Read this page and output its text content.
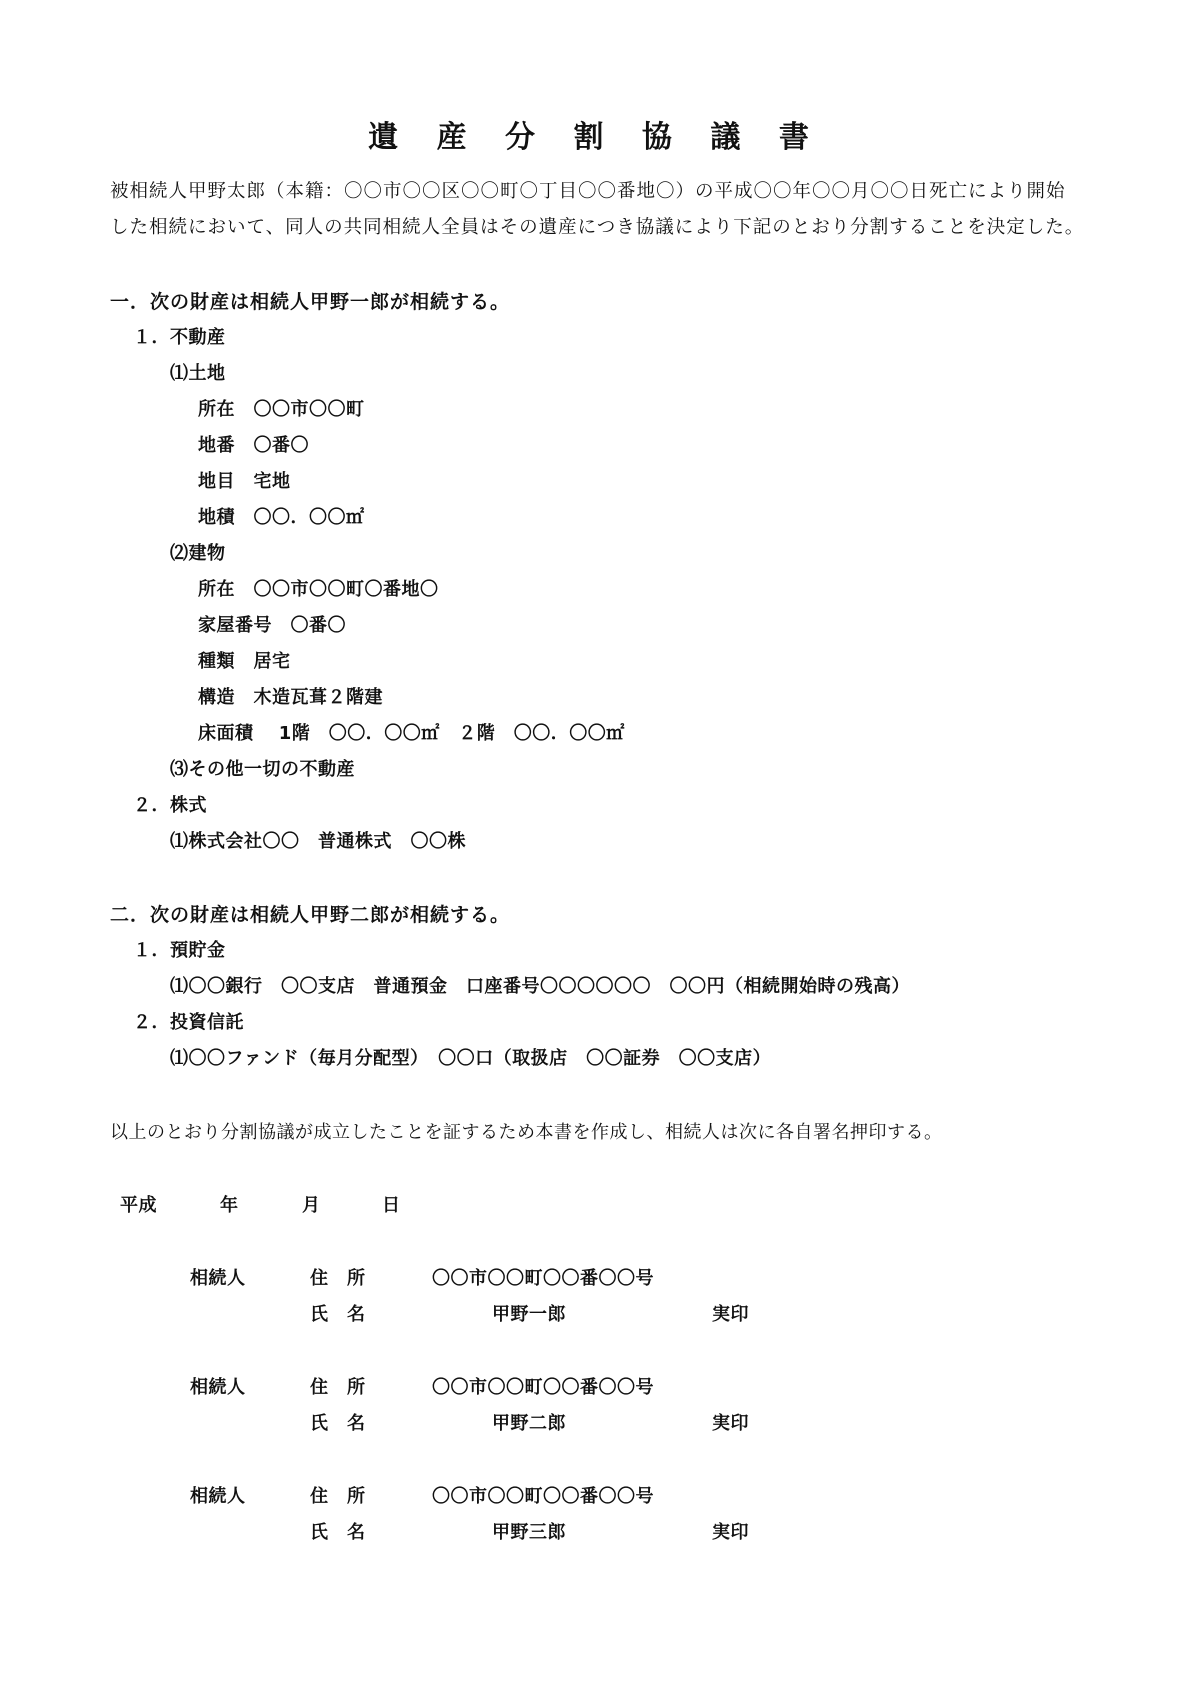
遺 産 分 割 協 議 書
被相続人甲野太郎（本籍：〇〇市〇〇区〇〇町〇丁目〇〇番地〇）の平成〇〇年〇〇月〇〇日死亡により開始
した相続において、同人の共同相続人全員はその遺産につき協議により下記のとおり分割することを決定した。
一．次の財産は相続人甲野一郎が相続する。
１．不動産
⑴土地
所在　〇〇市〇〇町
地番　〇番〇
地目　宅地
地積　〇〇．〇〇㎡
⑵建物
所在　〇〇市〇〇町〇番地〇
家屋番号　〇番〇
種類　居宅
構造　木造瓦葺２階建
床面積　 1階　〇〇．〇〇㎡　２階　〇〇．〇〇㎡
⑶その他一切の不動産
２．株式
⑴株式会社〇〇　普通株式　〇〇株
二．次の財産は相続人甲野二郎が相続する。
１．預貯金
⑴〇〇銀行　〇〇支店　普通預金　口座番号〇〇〇〇〇〇　〇〇円（相続開始時の残高）
２．投資信託
⑴〇〇ファンド（毎月分配型）　〇〇口（取扱店　〇〇証券　〇〇支店）
以上のとおり分割協議が成立したことを証するため本書を作成し、相続人は次に各自署名押印する。
平成	年	月	日
相続人	住　所	〇〇市〇〇町〇〇番〇〇号
氏　名	甲野一郎	実印
相続人	住　所	〇〇市〇〇町〇〇番〇〇号
氏　名	甲野二郎	実印
相続人	住　所	〇〇市〇〇町〇〇番〇〇号
氏　名	甲野三郎	実印
